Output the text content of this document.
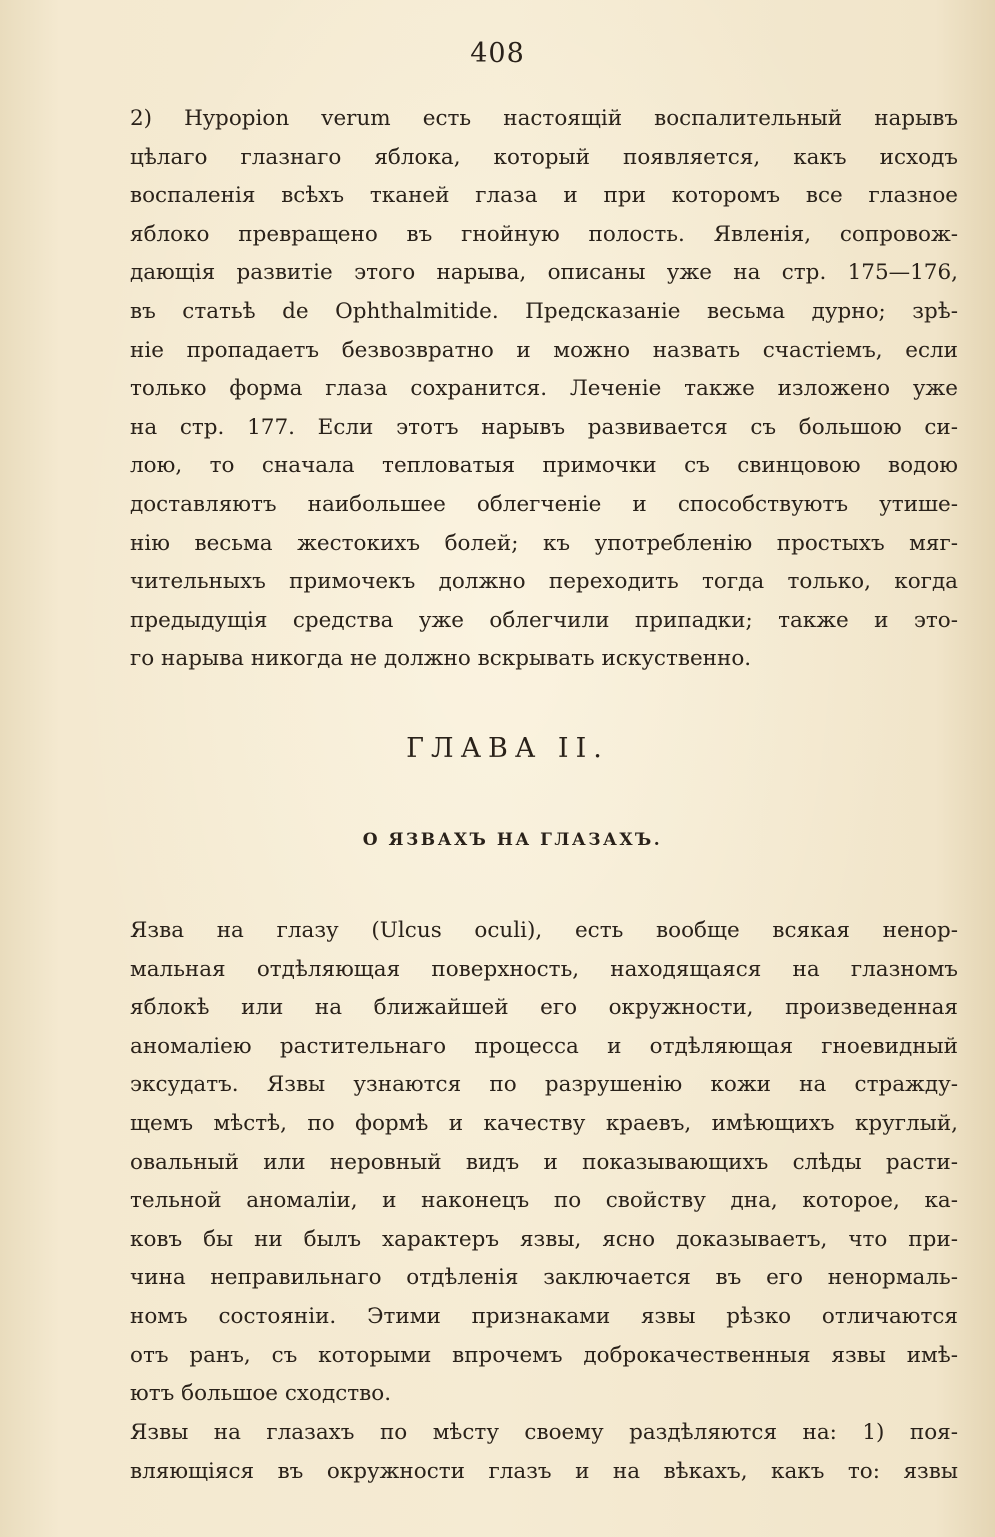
408
2) Hypopion verum есть настоящій воспалительный нарывъ
цѣлаго глазнаго яблока, который появляется, какъ исходъ
воспаленія всѣхъ тканей глаза и при которомъ все глазное
яблоко превращено въ гнойную полость. Явленія, сопровож-
дающія развитіе этого нарыва, описаны уже на стр. 175—176,
въ статьѣ de Ophthalmitide. Предсказаніе весьма дурно; зрѣ-
ніе пропадаетъ безвозвратно и можно назвать счастіемъ, если
только форма глаза сохранится. Леченіе также изложено уже
на стр. 177. Если этотъ нарывъ развивается съ большою си-
лою, то сначала тепловатыя примочки съ свинцовою водою
доставляютъ наибольшее облегченіе и способствуютъ утише-
нію весьма жестокихъ болей; къ употребленію простыхъ мяг-
чительныхъ примочекъ должно переходить тогда только, когда
предыдущія средства уже облегчили припадки; также и это-
го нарыва никогда не должно вскрывать искуственно.
ГЛАВА II.
О ЯЗВАХЪ НА ГЛАЗАХЪ.
Язва на глазу (Ulcus oculi), есть вообще всякая ненор-
мальная отдѣляющая поверхность, находящаяся на глазномъ
яблокѣ или на ближайшей его окружности, произведенная
аномаліею растительнаго процесса и отдѣляющая гноевидный
эксудатъ. Язвы узнаются по разрушенію кожи на стражду-
щемъ мѣстѣ, по формѣ и качеству краевъ, имѣющихъ круглый,
овальный или неровный видъ и показывающихъ слѣды расти-
тельной аномаліи, и наконецъ по свойству дна, которое, ка-
ковъ бы ни былъ характеръ язвы, ясно доказываетъ, что при-
чина неправильнаго отдѣленія заключается въ его ненормаль-
номъ состояніи. Этими признаками язвы рѣзко отличаются
отъ ранъ, съ которыми впрочемъ доброкачественныя язвы имѣ-
ютъ большое сходство.
Язвы на глазахъ по мѣсту своему раздѣляются на: 1) поя-
вляющіяся въ окружности глазъ и на вѣкахъ, какъ то: язвы
